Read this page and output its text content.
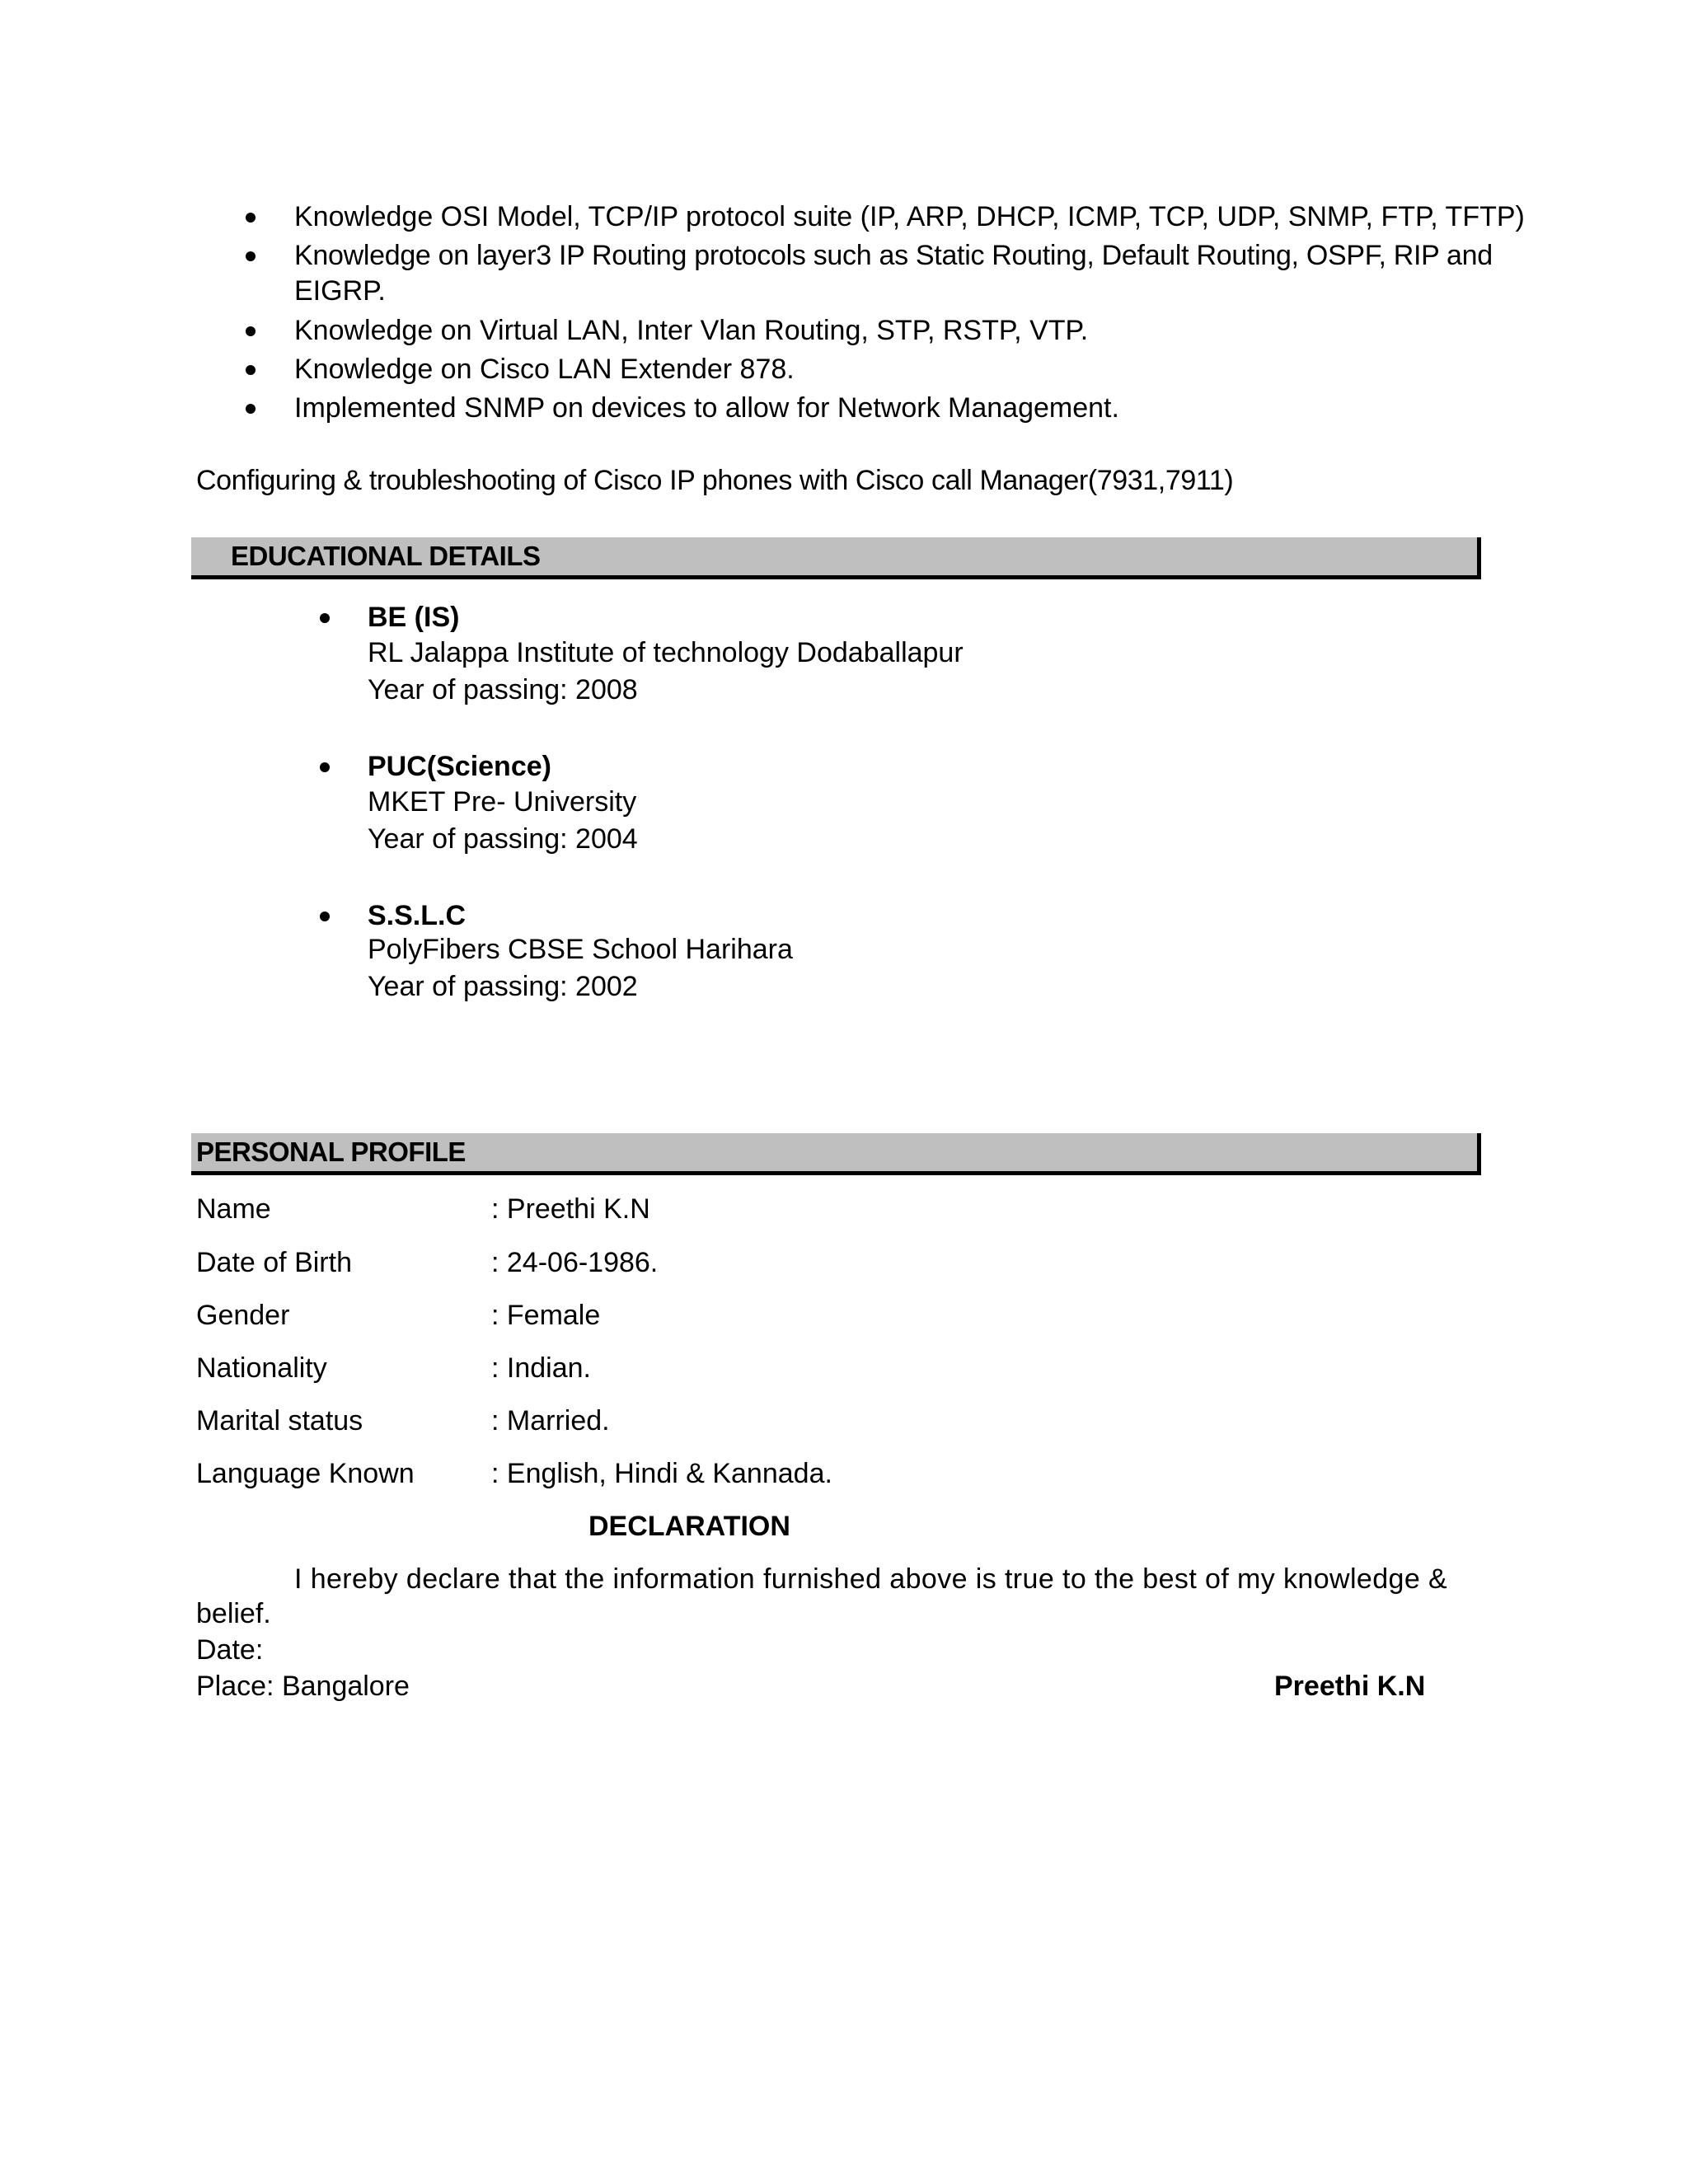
Knowledge OSI Model, TCP/IP protocol suite (IP, ARP, DHCP, ICMP, TCP, UDP, SNMP, FTP, TFTP)
Knowledge on layer3 IP Routing protocols such as Static Routing, Default Routing, OSPF, RIP and
EIGRP.
Knowledge on Virtual LAN, Inter Vlan Routing, STP, RSTP, VTP.
Knowledge on Cisco LAN Extender 878.
Implemented SNMP on devices to allow for Network Management.
Configuring & troubleshooting of Cisco IP phones with Cisco call Manager(7931,7911)
EDUCATIONAL DETAILS
BE (IS)
RL Jalappa Institute of technology Dodaballapur
Year of passing: 2008
PUC(Science)
MKET Pre- University
Year of passing: 2004
S.S.L.C
PolyFibers CBSE School Harihara
Year of passing: 2002
PERSONAL PROFILE
Name	: Preethi K.N
Date of Birth	: 24-06-1986.
Gender	: Female
Nationality	: Indian.
Marital status	: Married.
Language Known	: English, Hindi & Kannada.
DECLARATION
I hereby declare that the information furnished above is true to the best of my knowledge &
belief.
Date:
Place: Bangalore	Preethi K.N
